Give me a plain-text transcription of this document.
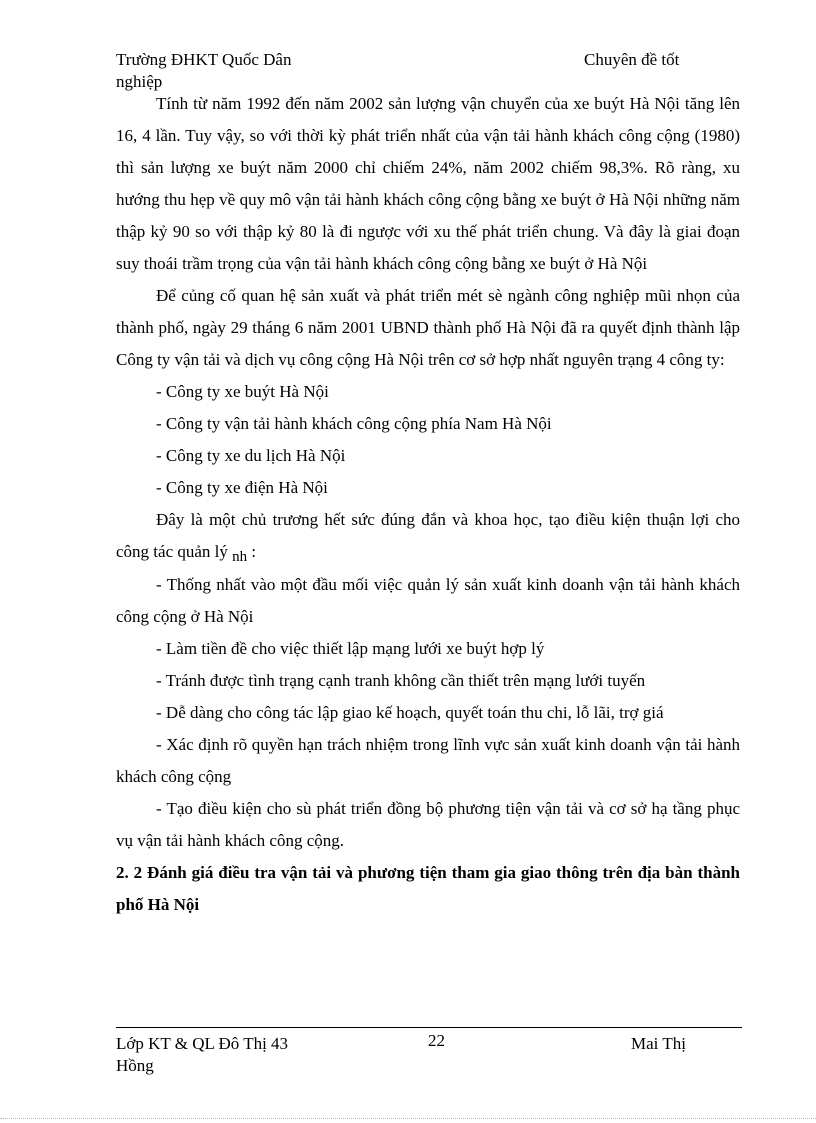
Trường ĐHKT Quốc Dân
nghiệp
Chuyên đề tốt

Tính từ năm 1992 đến năm 2002 sản lượng vận chuyển của xe buýt Hà Nội tăng lên 16, 4 lần. Tuy vậy, so với thời kỳ phát triển nhất của vận tải hành khách công cộng (1980) thì sản lượng xe buýt năm 2000 chỉ chiếm 24%, năm 2002 chiếm 98,3%. Rõ ràng, xu hướng thu hẹp về quy mô vận tải hành khách công cộng bằng xe buýt ở Hà Nội những năm thập kỷ 90 so với thập kỷ 80 là đi ngược với xu thế phát triển chung. Và đây là giai đoạn suy thoái trầm trọng của vận tải hành khách công cộng bằng xe buýt ở Hà Nội

Để củng cố quan hệ sản xuất và phát triển mét sè ngành công nghiệp mũi nhọn của thành phố, ngày 29 tháng 6 năm 2001 UBND thành phố Hà Nội đã ra quyết định thành lập Công ty vận tải và dịch vụ công cộng Hà Nội trên cơ sở hợp nhất nguyên trạng 4 công ty:

- Công ty xe buýt Hà Nội

- Công ty vận tải hành khách công cộng phía Nam Hà Nội

- Công ty xe du lịch Hà Nội

- Công ty xe điện Hà Nội

Đây là một chủ trương hết sức đúng đắn và khoa học, tạo điều kiện thuận lợi cho công tác quản lý nh :

- Thống nhất vào một đầu mối việc quản lý sản xuất kinh doanh vận tải hành khách công cộng ở Hà Nội

- Làm tiền đề cho việc thiết lập mạng lưới xe buýt hợp lý

- Tránh được tình trạng cạnh tranh không cần thiết trên mạng lưới tuyến

- Dễ dàng cho công tác lập giao kế hoạch, quyết toán thu chi, lỗ lãi, trợ giá

- Xác định rõ quyền hạn trách nhiệm trong lĩnh vực sản xuất kinh doanh vận tải hành khách công cộng

- Tạo điều kiện cho sù phát triển đồng bộ phương tiện vận tải và cơ sở hạ tầng phục vụ vận tải hành khách công cộng.

2. 2 Đánh giá điều tra vận tải và phương tiện tham gia giao thông trên địa bàn thành phố Hà Nội

Lớp KT & QL Đô Thị 43
Hồng
22	Mai Thị
